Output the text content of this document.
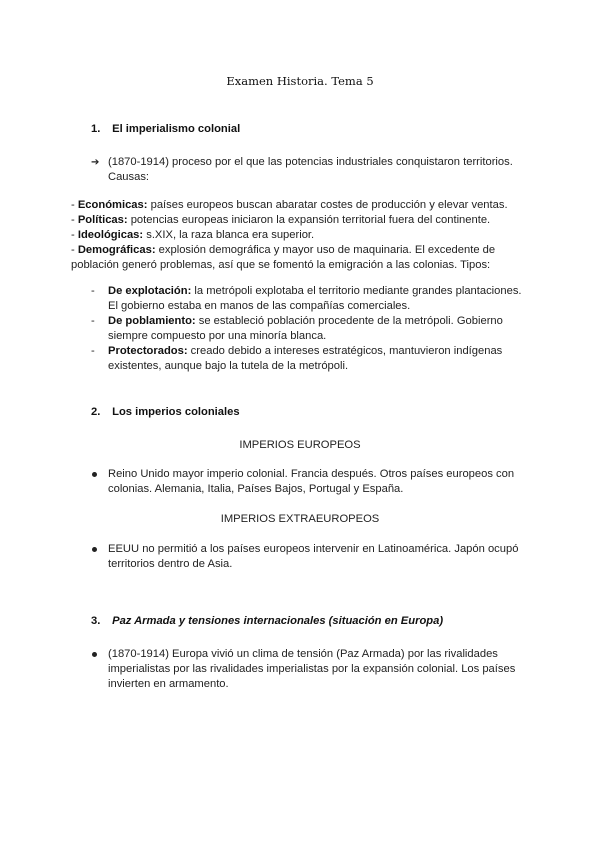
Examen Historia. Tema 5
1. El imperialismo colonial
➔ (1870-1914) proceso por el que las potencias industriales conquistaron territorios. Causas:

- Económicas: países europeos buscan abaratar costes de producción y elevar ventas.

- Políticas: potencias europeas iniciaron la expansión territorial fuera del continente.

- Ideológicas: s.XIX, la raza blanca era superior.

- Demográficas: explosión demográfica y mayor uso de maquinaria. El excedente de población generó problemas, así que se fomentó la emigración a las colonias. Tipos:

- De explotación: la metrópoli explotaba el territorio mediante grandes plantaciones. El gobierno estaba en manos de las compañías comerciales.
- De poblamiento: se estableció población procedente de la metrópoli. Gobierno siempre compuesto por una minoría blanca.
- Protectorados: creado debido a intereses estratégicos, mantuvieron indígenas existentes, aunque bajo la tutela de la metrópoli.
2. Los imperios coloniales
IMPERIOS EUROPEOS
Reino Unido mayor imperio colonial. Francia después. Otros países europeos con colonias. Alemania, Italia, Países Bajos, Portugal y España.
IMPERIOS EXTRAEUROPEOS
EEUU no permitió a los países europeos intervenir en Latinoamérica. Japón ocupó territorios dentro de Asia.
3. Paz Armada y tensiones internacionales (situación en Europa)
(1870-1914) Europa vivió un clima de tensión (Paz Armada) por las rivalidades imperialistas por las rivalidades imperialistas por la expansión colonial. Los países invierten en armamento.
